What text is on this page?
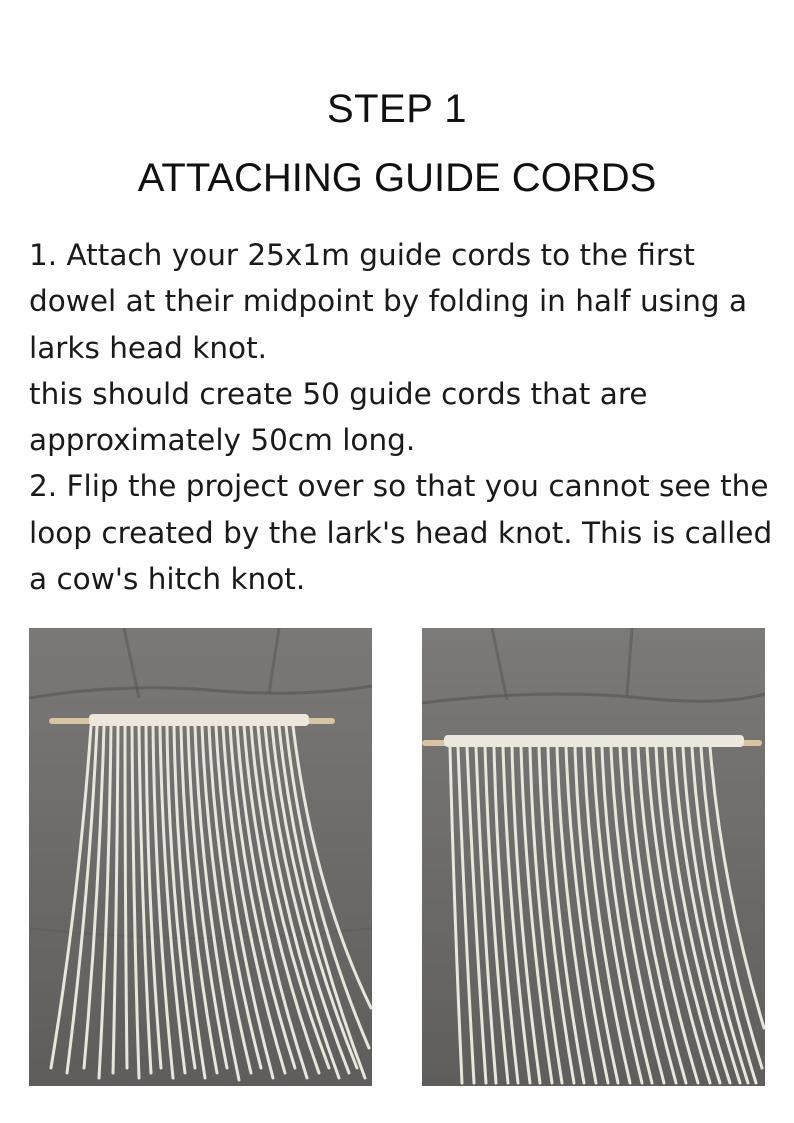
STEP 1
ATTACHING GUIDE CORDS

1. Attach your 25x1m guide cords to the first dowel at their midpoint by folding in half using a larks head knot.

this should create 50 guide cords that are approximately 50cm long.

2. Flip the project over so that you cannot see the loop created by the lark's head knot. This is called a cow's hitch knot.
